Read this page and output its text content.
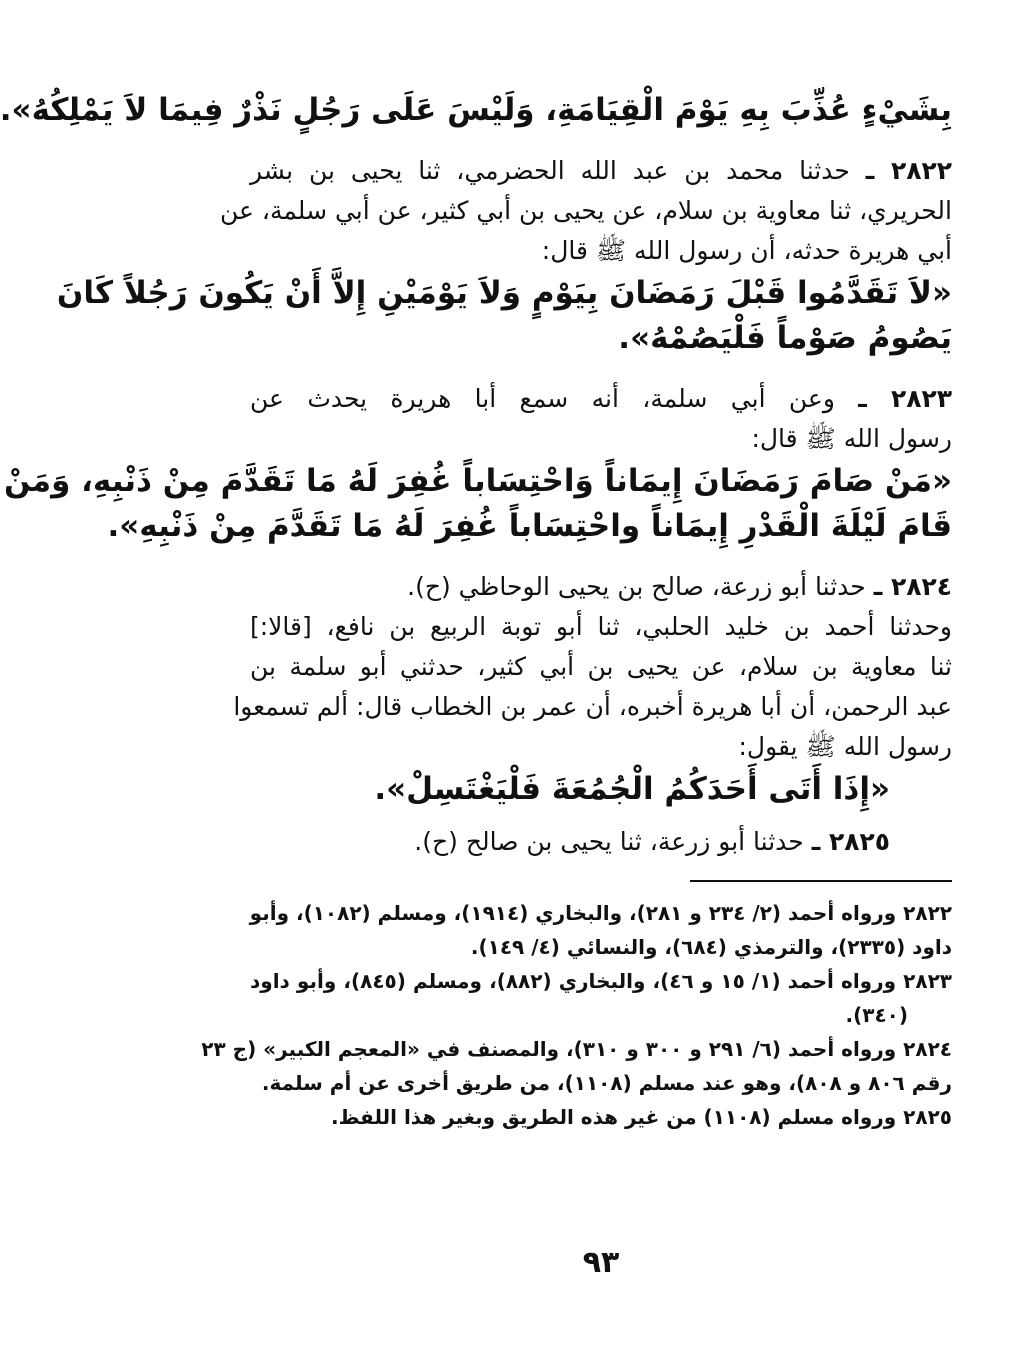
بِشَيْءٍ عُذِّبَ بِهِ يَوْمَ الْقِيَامَةِ، وَلَيْسَ عَلَى رَجُلٍ نَذْرٌ فِيمَا لاَ يَمْلِكُهُ».
٢٨٢٢ ـ حدثنا محمد بن عبد الله الحضرمي، ثنا يحيى بن بشر
الحريري، ثنا معاوية بن سلام، عن يحيى بن أبي كثير، عن أبي سلمة، عن
أبي هريرة حدثه، أن رسول الله ﷺ قال:
«لاَ تَقَدَّمُوا قَبْلَ رَمَضَانَ بِيَوْمٍ وَلاَ يَوْمَيْنِ إِلاَّ أَنْ يَكُونَ رَجُلاً كَانَ
يَصُومُ صَوْماً فَلْيَصُمْهُ».
٢٨٢٣ ـ وعن أبي سلمة، أنه سمع أبا هريرة يحدث عن
رسول الله ﷺ قال:
«مَنْ صَامَ رَمَضَانَ إِيمَاناً وَاحْتِسَاباً غُفِرَ لَهُ مَا تَقَدَّمَ مِنْ ذَنْبِهِ، وَمَنْ
قَامَ لَيْلَةَ الْقَدْرِ إِيمَاناً واحْتِسَاباً غُفِرَ لَهُ مَا تَقَدَّمَ مِنْ ذَنْبِهِ».
٢٨٢٤ ـ حدثنا أبو زرعة، صالح بن يحيى الوحاظي (ح).
وحدثنا أحمد بن خليد الحلبي، ثنا أبو توبة الربيع بن نافع، [قالا:]
ثنا معاوية بن سلام، عن يحيى بن أبي كثير، حدثني أبو سلمة بن
عبد الرحمن، أن أبا هريرة أخبره، أن عمر بن الخطاب قال: ألم تسمعوا
رسول الله ﷺ يقول:
«إِذَا أَتَى أَحَدَكُمُ الْجُمُعَةَ فَلْيَغْتَسِلْ».
٢٨٢٥ ـ حدثنا أبو زرعة، ثنا يحيى بن صالح (ح).
٢٨٢٢ ورواه أحمد (٢/ ٢٣٤ و ٢٨١)، والبخاري (١٩١٤)، ومسلم (١٠٨٢)، وأبو
داود (٢٣٣٥)، والترمذي (٦٨٤)، والنسائي (٤/ ١٤٩).
٢٨٢٣ ورواه أحمد (١/ ١٥ و ٤٦)، والبخاري (٨٨٢)، ومسلم (٨٤٥)، وأبو داود
(٣٤٠).
٢٨٢٤ ورواه أحمد (٦/ ٢٩١ و ٣٠٠ و ٣١٠)، والمصنف في «المعجم الكبير» (ج ٢٣
رقم ٨٠٦ و ٨٠٨)، وهو عند مسلم (١١٠٨)، من طريق أخرى عن أم سلمة.
٢٨٢٥ ورواه مسلم (١١٠٨) من غير هذه الطريق وبغير هذا اللفظ.
٩٣
